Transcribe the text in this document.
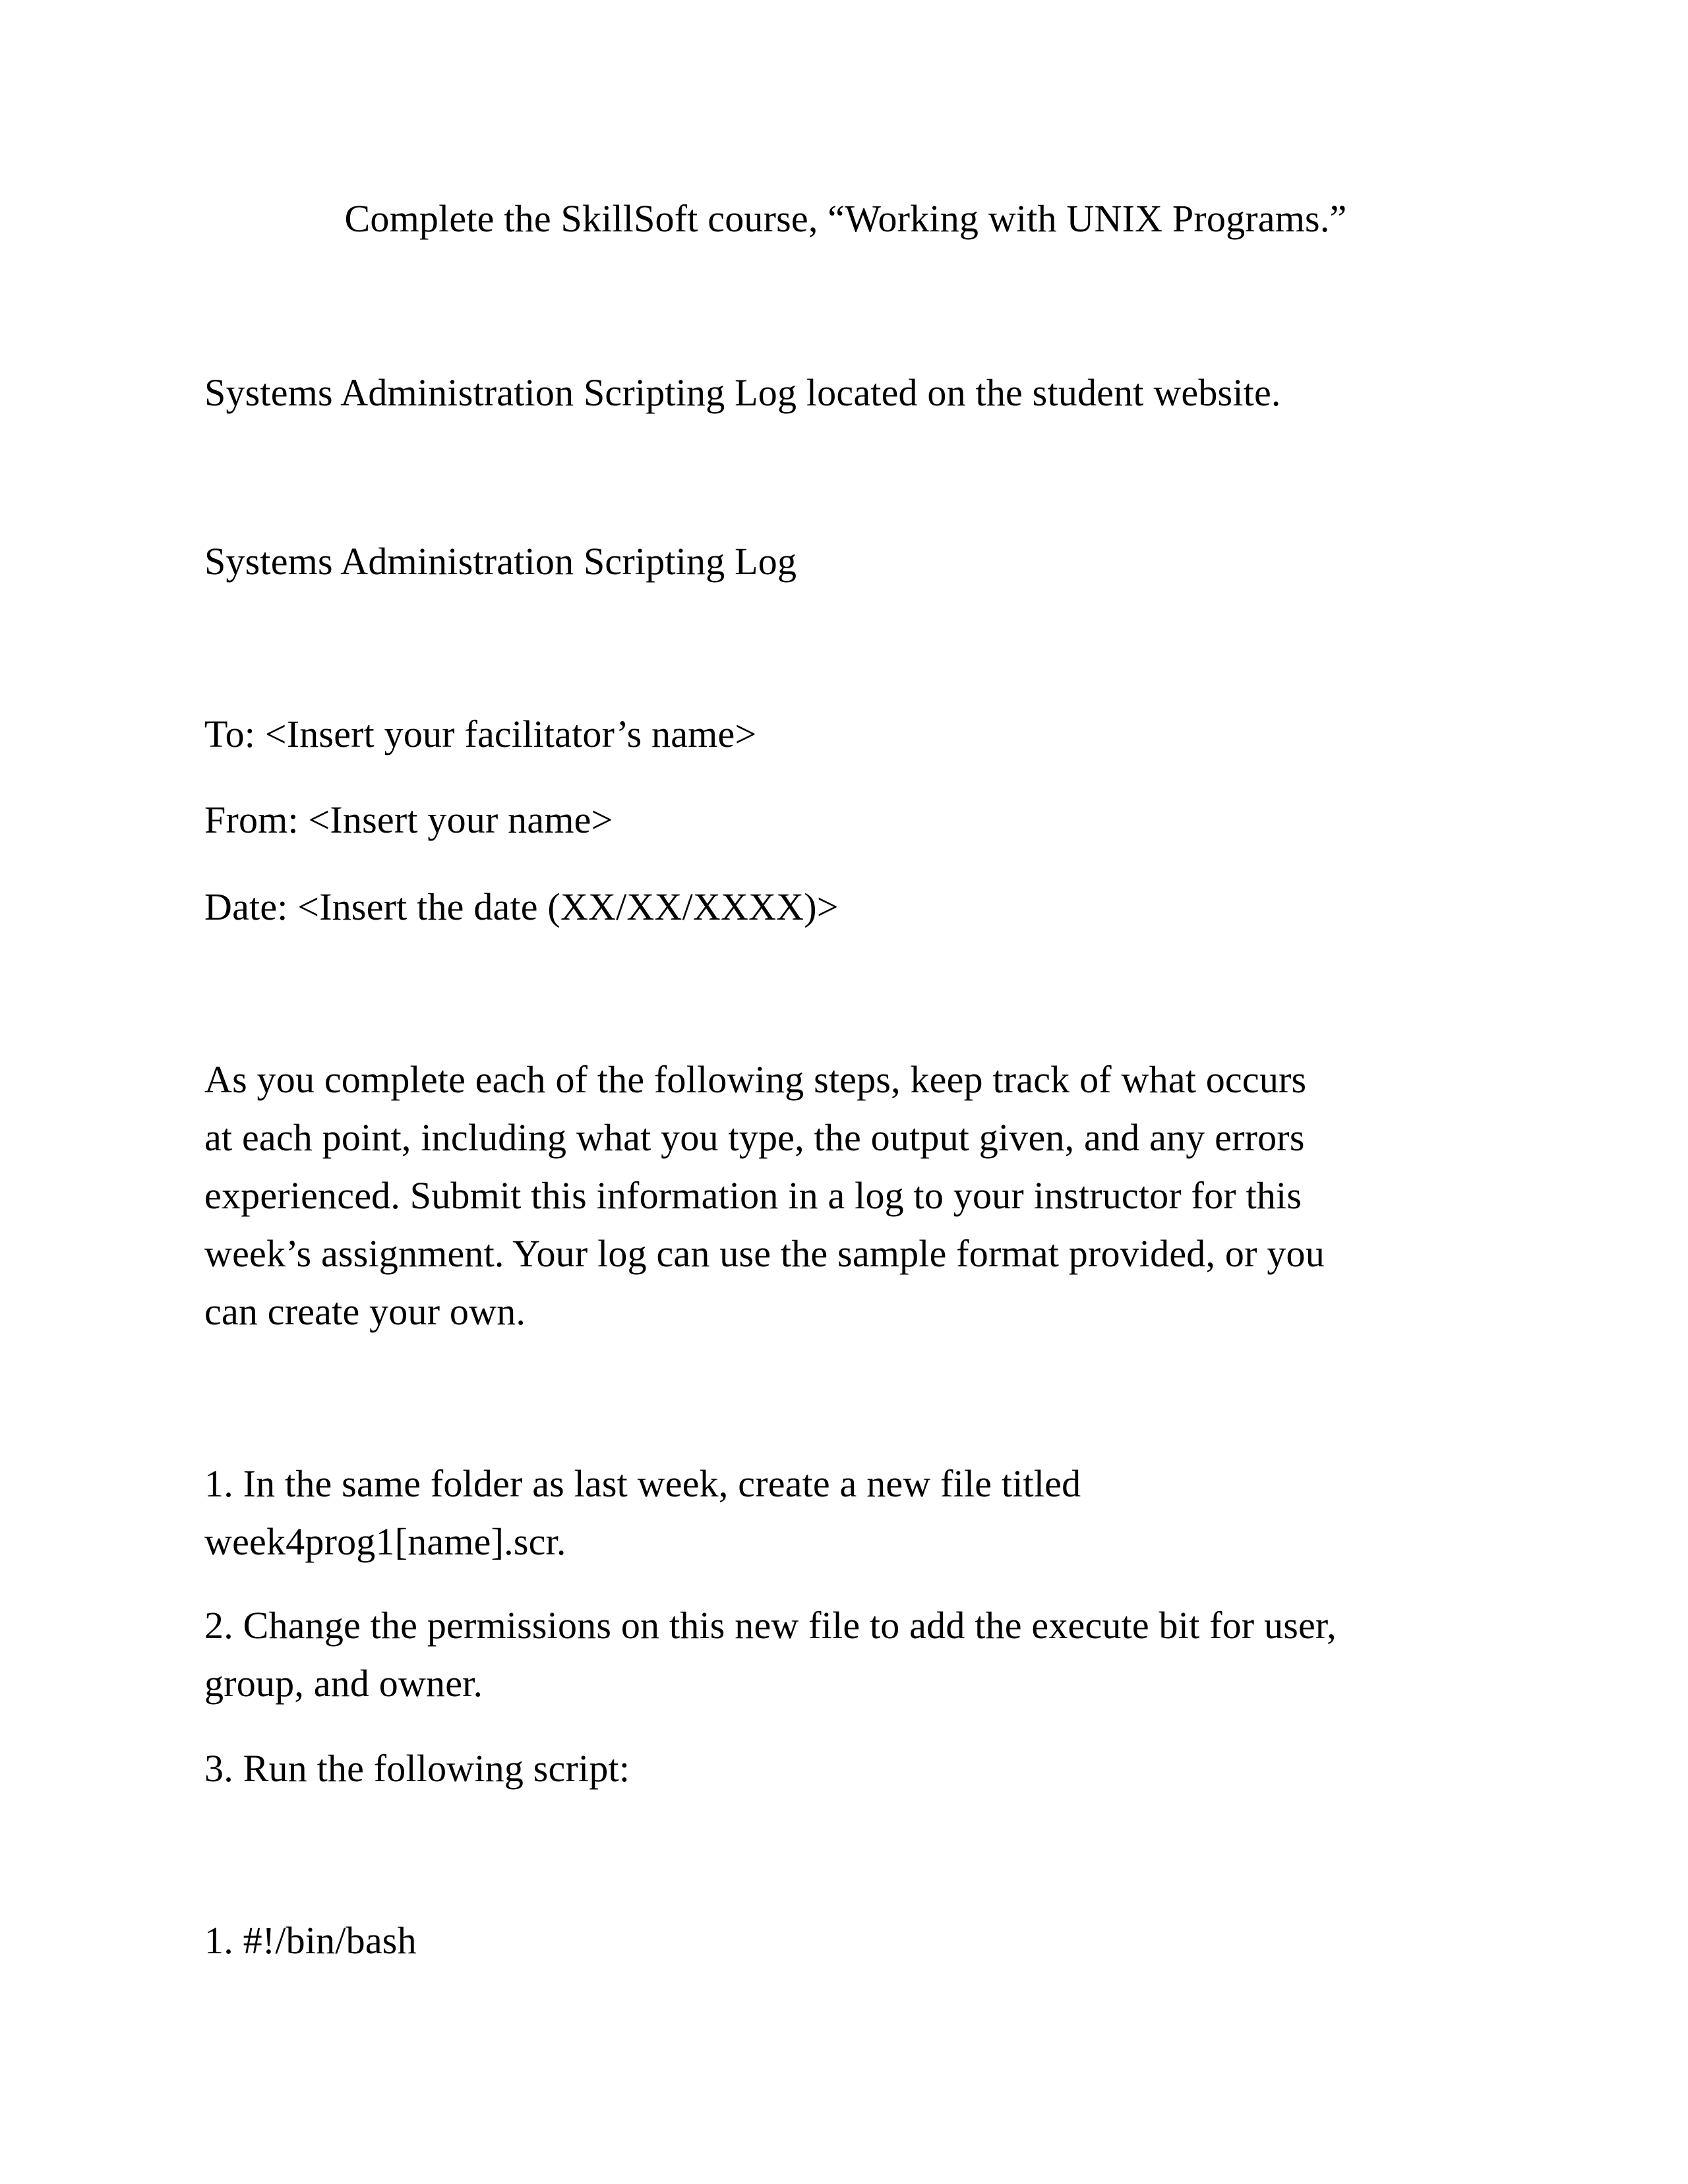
Complete the SkillSoft course, “Working with UNIX Programs.”
Systems Administration Scripting Log located on the student website.
Systems Administration Scripting Log
To: <Insert your facilitator’s name>
From: <Insert your name>
Date: <Insert the date (XX/XX/XXXX)>
As you complete each of the following steps, keep track of what occurs
at each point, including what you type, the output given, and any errors
experienced. Submit this information in a log to your instructor for this
week’s assignment. Your log can use the sample format provided, or you
can create your own.
1. In the same folder as last week, create a new file titled
week4prog1[name].scr.
2. Change the permissions on this new file to add the execute bit for user,
group, and owner.
3. Run the following script:
1. #!/bin/bash
